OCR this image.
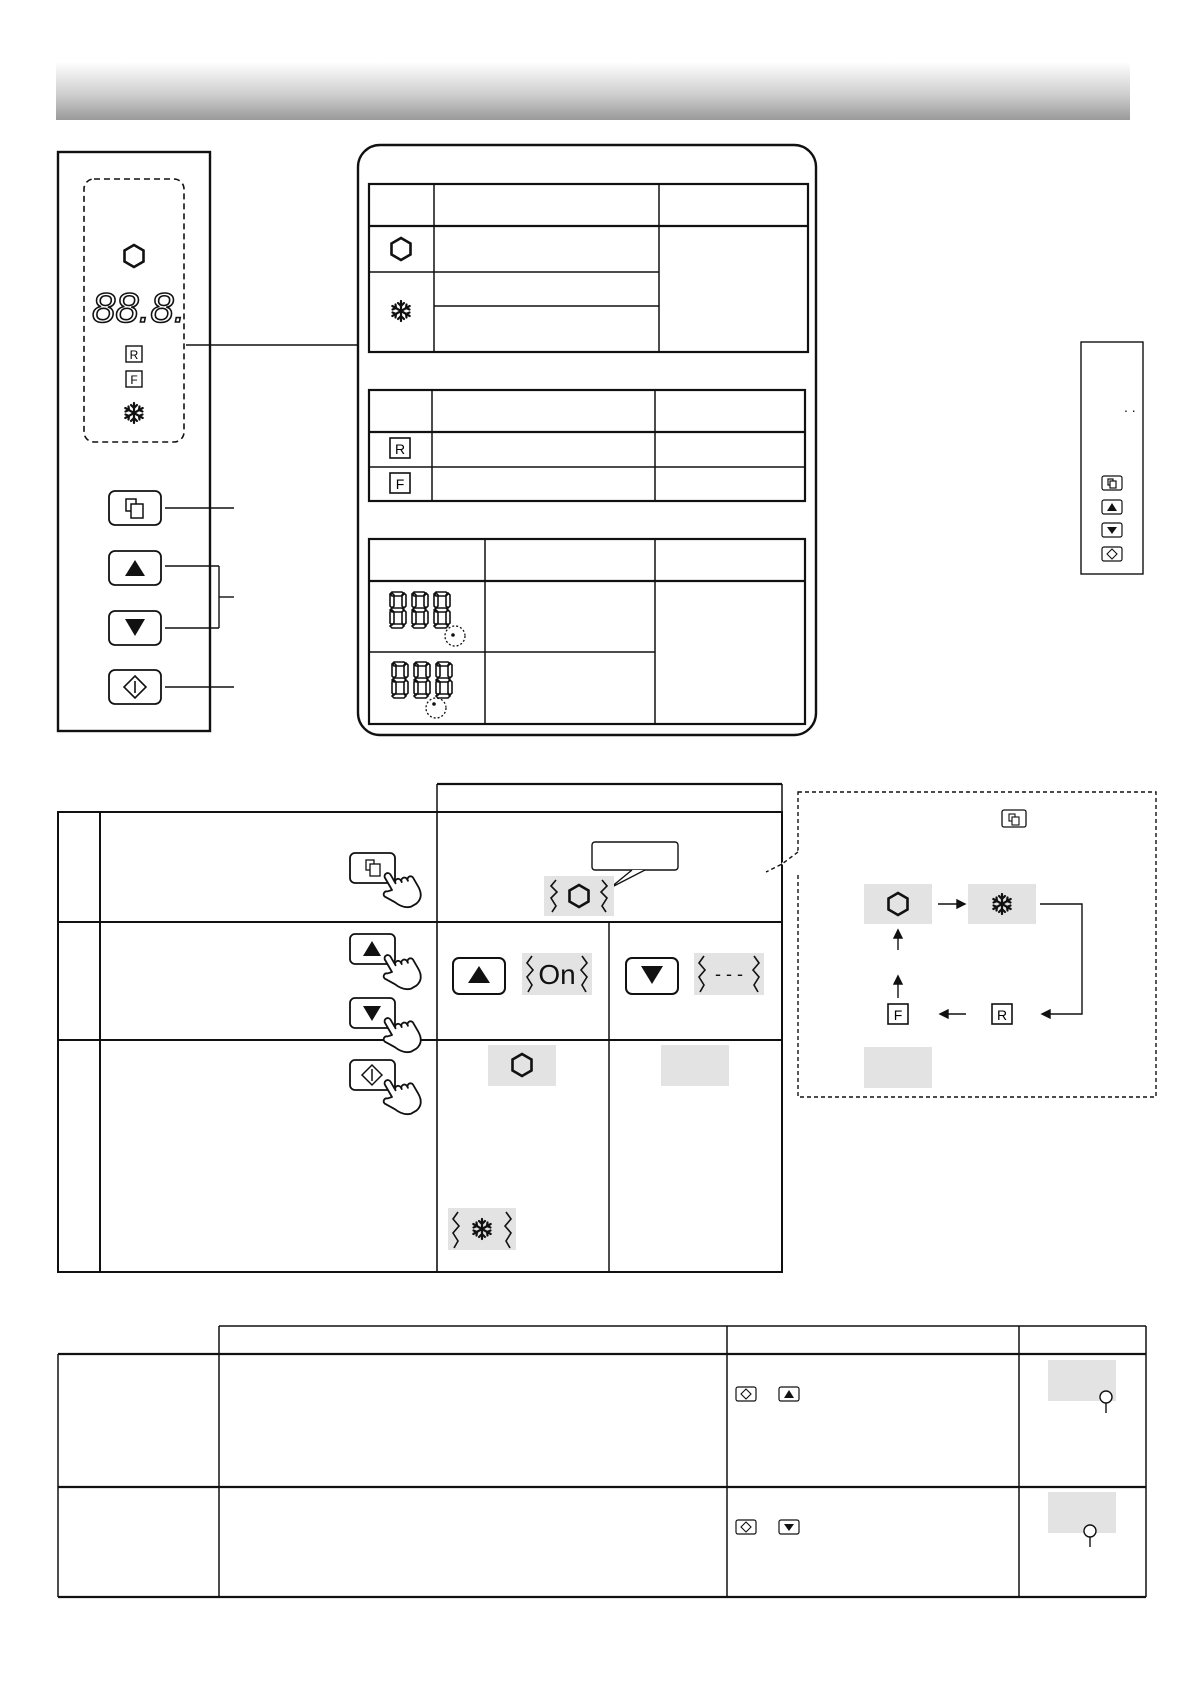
88.8.
R
F
R
F
. .
On	- - -
R
F
